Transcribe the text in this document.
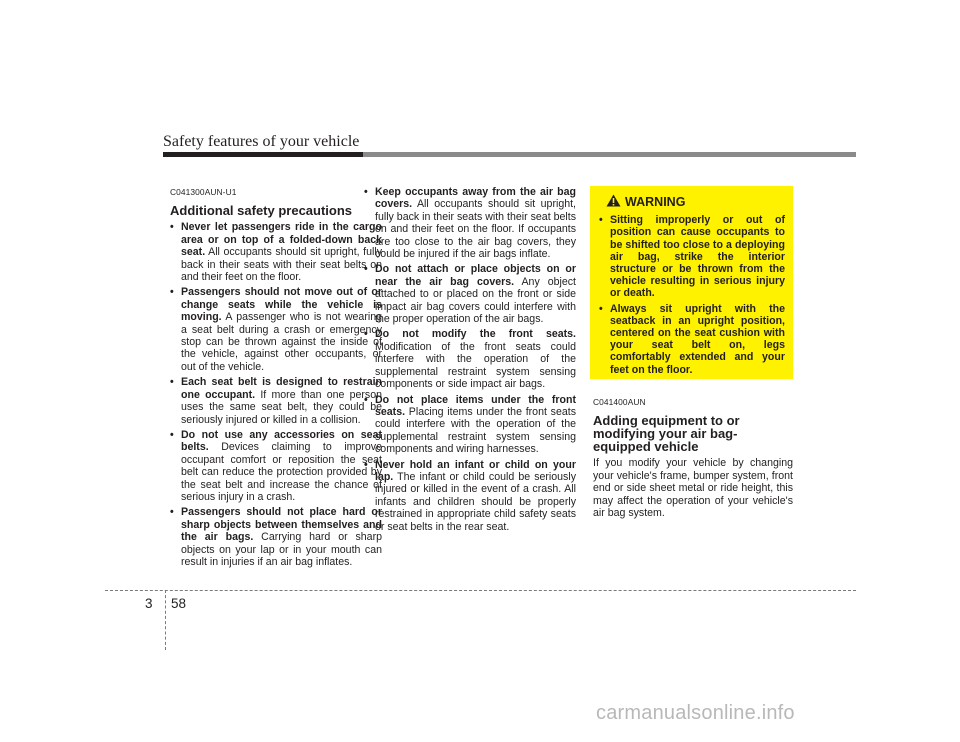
Safety features of your vehicle
C041300AUN-U1
Additional safety precautions
• Never let passengers ride in the cargo area or on top of a folded-down back seat. All occupants should sit upright, fully back in their seats with their seat belts on and their feet on the floor.
• Passengers should not move out of or change seats while the vehicle is moving. A passenger who is not wearing a seat belt during a crash or emergency stop can be thrown against the inside of the vehicle, against other occupants, or out of the vehicle.
• Each seat belt is designed to restrain one occupant. If more than one person uses the same seat belt, they could be seriously injured or killed in a collision.
• Do not use any accessories on seat belts. Devices claiming to improve occupant comfort or reposition the seat belt can reduce the protection provided by the seat belt and increase the chance of serious injury in a crash.
• Passengers should not place hard or sharp objects between themselves and the air bags. Carrying hard or sharp objects on your lap or in your mouth can result in injuries if an air bag inflates.
• Keep occupants away from the air bag covers. All occupants should sit upright, fully back in their seats with their seat belts on and their feet on the floor. If occupants are too close to the air bag covers, they could be injured if the air bags inflate.
• Do not attach or place objects on or near the air bag covers. Any object attached to or placed on the front or side impact air bag covers could interfere with the proper operation of the air bags.
• Do not modify the front seats. Modification of the front seats could interfere with the operation of the supplemental restraint system sensing components or side impact air bags.
• Do not place items under the front seats. Placing items under the front seats could interfere with the operation of the supplemental restraint system sensing components and wiring harnesses.
• Never hold an infant or child on your lap. The infant or child could be seriously injured or killed in the event of a crash. All infants and children should be properly restrained in appropriate child safety seats or seat belts in the rear seat.
WARNING
• Sitting improperly or out of position can cause occupants to be shifted too close to a deploying air bag, strike the interior structure or be thrown from the vehicle resulting in serious injury or death.
• Always sit upright with the seatback in an upright position, centered on the seat cushion with your seat belt on, legs comfortably extended and your feet on the floor.
C041400AUN
Adding equipment to or modifying your air bag-equipped vehicle

If you modify your vehicle by changing your vehicle's frame, bumper system, front end or side sheet metal or ride height, this may affect the operation of your vehicle's air bag system.

3 58
carmanualsonline.info
